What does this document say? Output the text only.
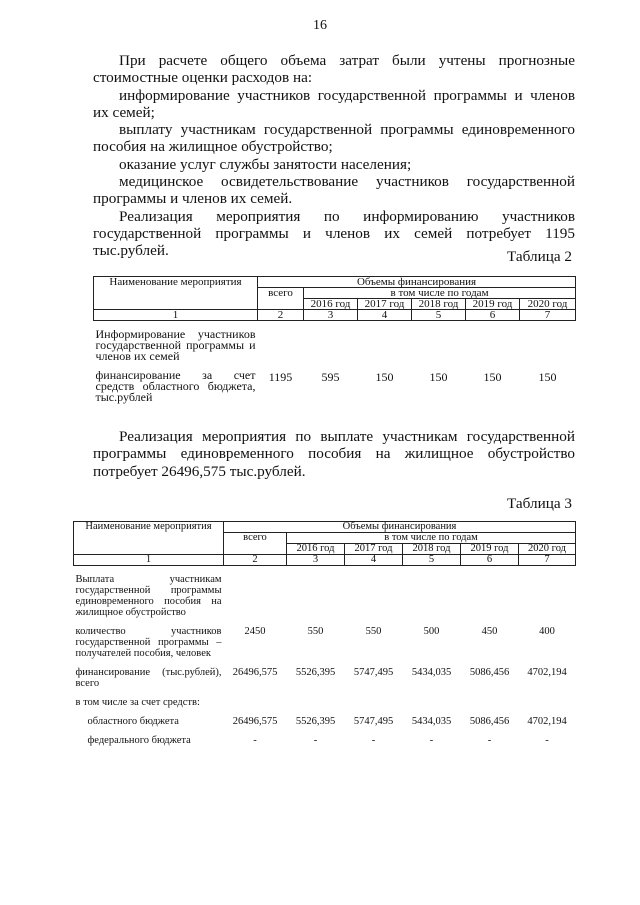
16

При расчете общего объема затрат были учтены прогнозные стоимостные оценки расходов на:

информирование участников государственной программы и членов их семей;

выплату участникам государственной программы единовременного пособия на жилищное обустройство;

оказание услуг службы занятости населения;

медицинское освидетельствование участников государственной программы и членов их семей.

Реализация мероприятия по информированию участников государственной программы и членов их семей потребует 1195 тыс.рублей.	Таблица 2
Наименование мероприятия	Объемы финансирования					
	всего	в том числе по годам				
		2016 год	2017 год	2018 год	2019 год	2020 год
1	2	3	4	5	6	7

Информирование участников государственной программы и членов их семей						

финансирование за счет средств областного бюджета, тыс.рублей	1195	595	150	150	150	150

Реализация мероприятия по выплате участникам государственной программы единовременного пособия на жилищное обустройство потребует 26496,575 тыс.рублей.

Таблица 3
Наименование мероприятия	Объемы финансирования					
	всего	в том числе по годам				
		2016 год	2017 год	2018 год	2019 год	2020 год
1	2	3	4	5	6	7

Выплата участникам государственной программы единовременного пособия на жилищное обустройство						

количество участников государственной программы – получателей пособия, человек	2450	550	550	500	450	400

финансирование (тыс.рублей), всего	26496,575	5526,395	5747,495	5434,035	5086,456	4702,194

в том числе за счет средств:						

областного бюджета	26496,575	5526,395	5747,495	5434,035	5086,456	4702,194

федерального бюджета	-	-	-	-	-	-
